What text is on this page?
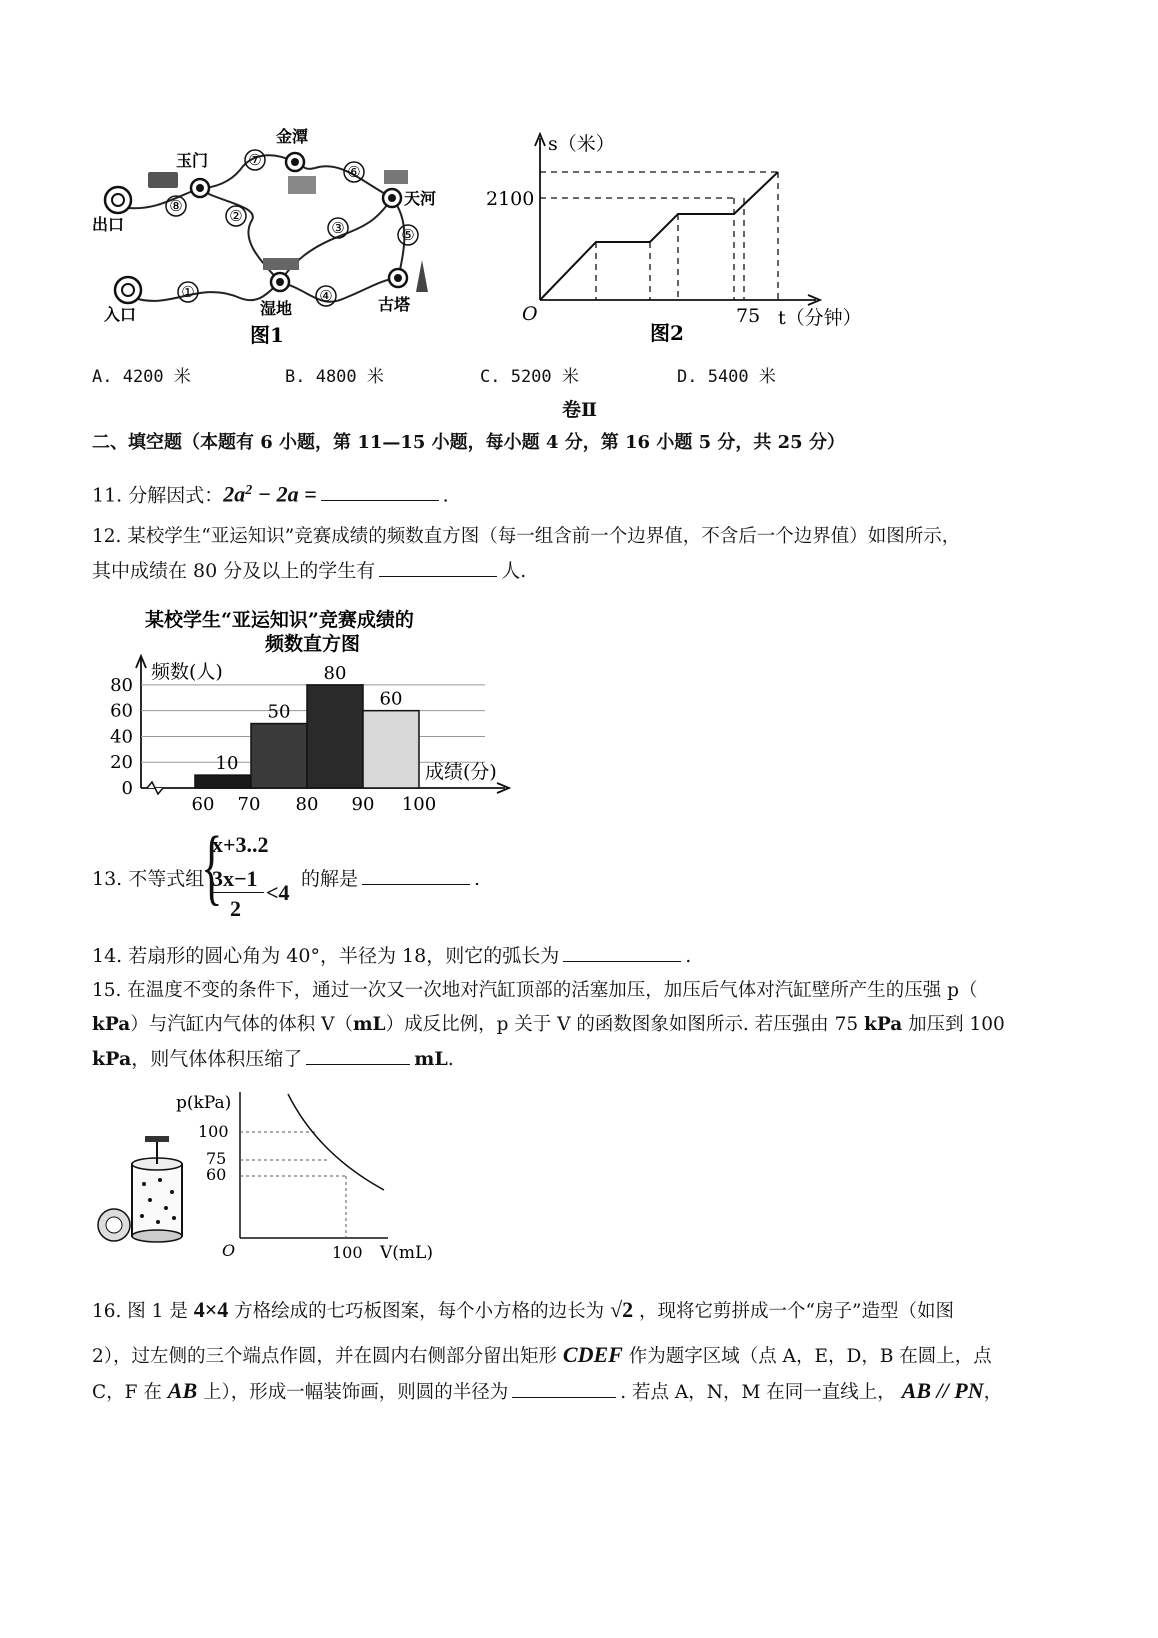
①
②
③
④
⑤
⑥
⑦
⑧
出口
入口
玉门
金潭
天河
湿地	古塔
图1
s（米）
2100
O	75 t（分钟）
图2
A. 4200 米	B. 4800 米	C. 5200 米	D. 5400 米
卷Ⅱ
二、填空题（本题有 6 小题，第 11—15 小题，每小题 4 分，第 16 小题 5 分，共 25 分）
11. 分解因式：$2a^2 - 2a$ =	.
12. 某校学生“亚运知识”竞赛成绩的频数直方图（每一组含前一个边界值，不含后一个边界值）如图所示，
其中成绩在 80 分及以上的学生有	人.
某校学生“亚运知识”竞赛成绩的
频数直方图
0
20
40
60
80
60 70 80 90 100
10
50
80
60
频数(人)
成绩(分)
13. 不等式组
{
x+3..2
3x−1
2
<4
的解是	.
14. 若扇形的圆心角为 40°，半径为 18，则它的弧长为	.
15. 在温度不变的条件下，通过一次又一次地对汽缸顶部的活塞加压，加压后气体对汽缸壁所产生的压强 p（
kPa）与汽缸内气体的体积 V（mL）成反比例，p 关于 V 的函数图象如图所示. 若压强由 75 kPa 加压到 100
kPa，则气体体积压缩了	mL.
p(kPa)
100
75
60
O	100 V(mL)
16. 图 1 是 4×4 方格绘成的七巧板图案，每个小方格的边长为 √2 ，现将它剪拼成一个“房子”造型（如图
2），过左侧的三个端点作圆，并在圆内右侧部分留出矩形 CDEF 作为题字区域（点 A，E，D，B 在圆上，点
C，F 在 AB 上），形成一幅装饰画，则圆的半径为	. 若点 A，N，M 在同一直线上， AB // PN，
